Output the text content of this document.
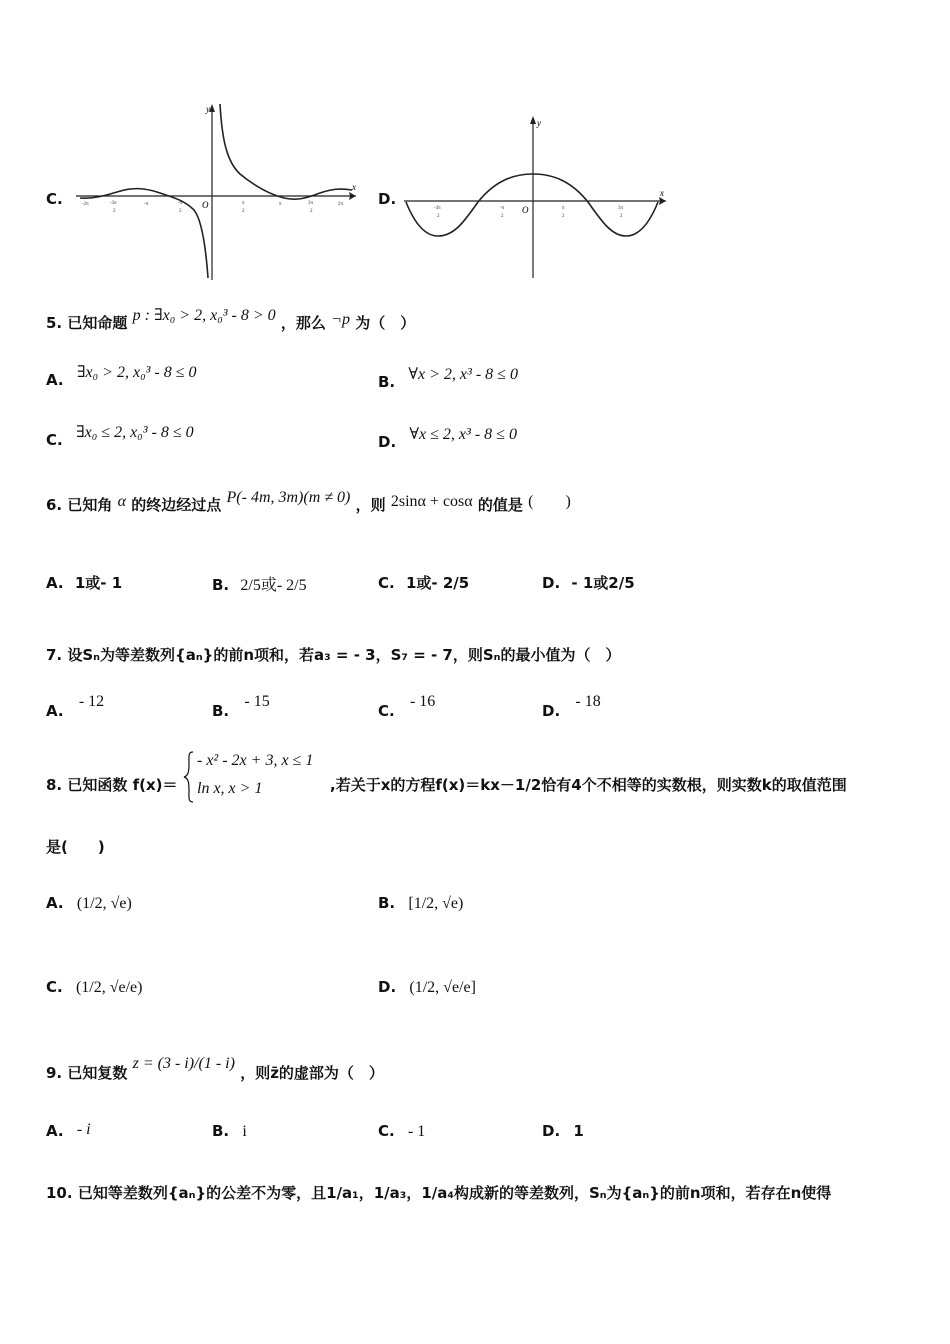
C.
y
x
O
-2π	-3π
2
-π	-π
2
π
2
π	3π
2
2π D.
y
x
O
-3π
2
-π
2
π
2
3π
2
5. 已知命题 p : ∃x₀ > 2, x₀³ - 8 > 0 ，那么 ¬p 为（　）
A. ∃x₀ > 2, x₀³ - 8 ≤ 0
B. ∀x > 2, x³ - 8 ≤ 0
C. ∃x₀ ≤ 2, x₀³ - 8 ≤ 0
D. ∀x ≤ 2, x³ - 8 ≤ 0
6. 已知角 α 的终边经过点 P(- 4m, 3m)(m ≠ 0) ，则 2sinα + cosα 的值是 (　　)
A. 1或- 1	B. 2/5或- 2/5	C. 1或- 2/5	D. - 1或2/5
7. 设Sₙ为等差数列{aₙ}的前n项和，若a₃ = - 3，S₇ = - 7，则Sₙ的最小值为（　）
A. - 12
B. - 15
C. - 16
D. - 18
8. 已知函数 f(x)＝
- x² - 2x + 3, x ≤ 1
ln x, x > 1	,若关于x的方程f(x)＝kx－1/2恰有4个不相等的实数根，则实数k的取值范围
是(　　)
A. (1/2, √e)	B. [1/2, √e)
C. (1/2, √e/e)	D. (1/2, √e/e]
9. 已知复数 z = (3 - i)/(1 - i) ，则z̄的虚部为（　）
A. - i	B. i	C. - 1	D. 1
10. 已知等差数列{aₙ}的公差不为零，且1/a₁，1/a₃，1/a₄构成新的等差数列，Sₙ为{aₙ}的前n项和，若存在n使得
